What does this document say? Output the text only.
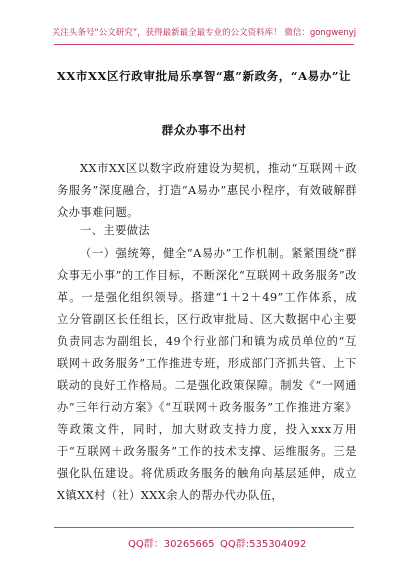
关注头条号“公文研究”，获得最新最全最专业的公文资料库！ 微信：gongwenyj
XX市XX区行政审批局乐享智“惠”新政务，“A易办”让
群众办事不出村
XX市XX区以数字政府建设为契机，推动“互联网＋政务服务”深度融合，打造“A易办”惠民小程序，有效破解群众办事难问题。
一、主要做法
（一）强统筹，健全“A易办”工作机制。紧紧围绕“群众事无小事”的工作目标，不断深化“互联网＋政务服务”改革。一是强化组织领导。搭建“1＋2＋49”工作体系，成立分管副区长任组长，区行政审批局、区大数据中心主要负责同志为副组长，49个行业部门和镇为成员单位的“互联网＋政务服务”工作推进专班，形成部门齐抓共管、上下联动的良好工作格局。二是强化政策保障。制发《“一网通办”三年行动方案》《“互联网＋政务服务”工作推进方案》等政策文件，同时，加大财政支持力度，投入xxx万用于“互联网＋政务服务”工作的技术支撑、运维服务。三是强化队伍建设。将优质政务服务的触角向基层延伸，成立X镇XX村（社）XXX余人的帮办代办队伍，
QQ群：30265665 QQ群:535304092
